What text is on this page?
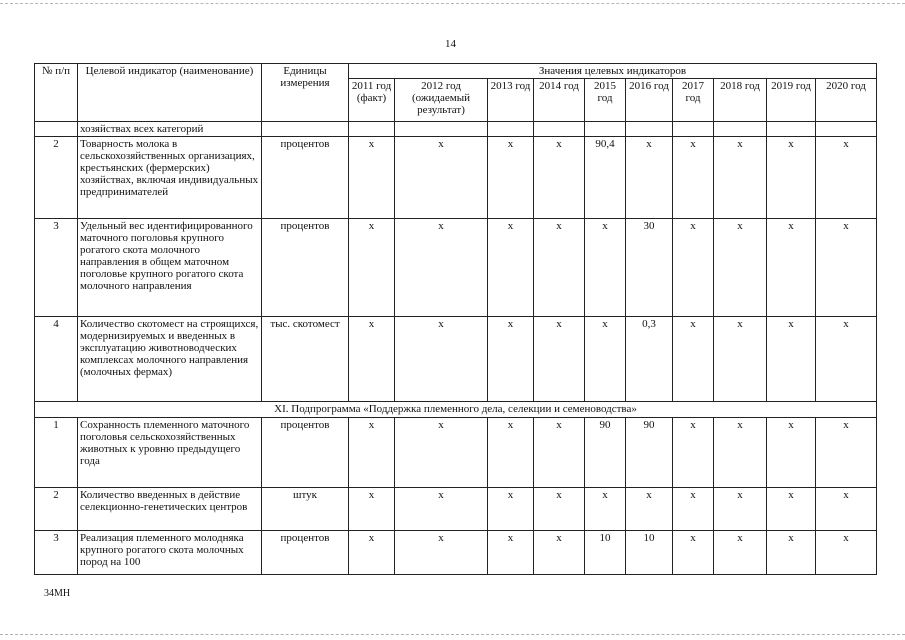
14
№ п/п	Целевой индикатор (наименование)	Единицы измерения	Значения целевых индикаторов									
			2011 год (факт)	2012 год (ожидаемый результат)	2013 год	2014 год	2015 год	2016 год	2017 год	2018 год	2019 год	2020 год
	хозяйствах всех категорий											
2	Товарность молока в сельскохозяйственных организациях, крестьянских (фермерских) хозяйствах, включая индивидуальных предпринимателей	процентов	х	х	х	х	90,4	х	х	х	х	х
3	Удельный вес идентифицированного маточного поголовья крупного рогатого скота молочного направления в общем маточном поголовье крупного рогатого скота молочного направления	процентов	х	х	х	х	х	30	х	х	х	х
4	Количество скотомест на строящихся, модернизируемых и введенных в эксплуатацию животноводческих комплексах молочного направления (молочных фермах)	тыс. скотомест	х	х	х	х	х	0,3	х	х	х	х
XI. Подпрограмма «Поддержка племенного дела, селекции и семеноводства»												
1	Сохранность племенного маточного поголовья сельскохозяйственных животных к уровню предыдущего года	процентов	х	х	х	х	90	90	х	х	х	х
2	Количество введенных в действие селекционно-генетических центров	штук	х	х	х	х	х	х	х	х	х	х
3	Реализация племенного молодняка крупного рогатого скота молочных пород на 100	процентов	х	х	х	х	10	10	х	х	х	х
34МН
